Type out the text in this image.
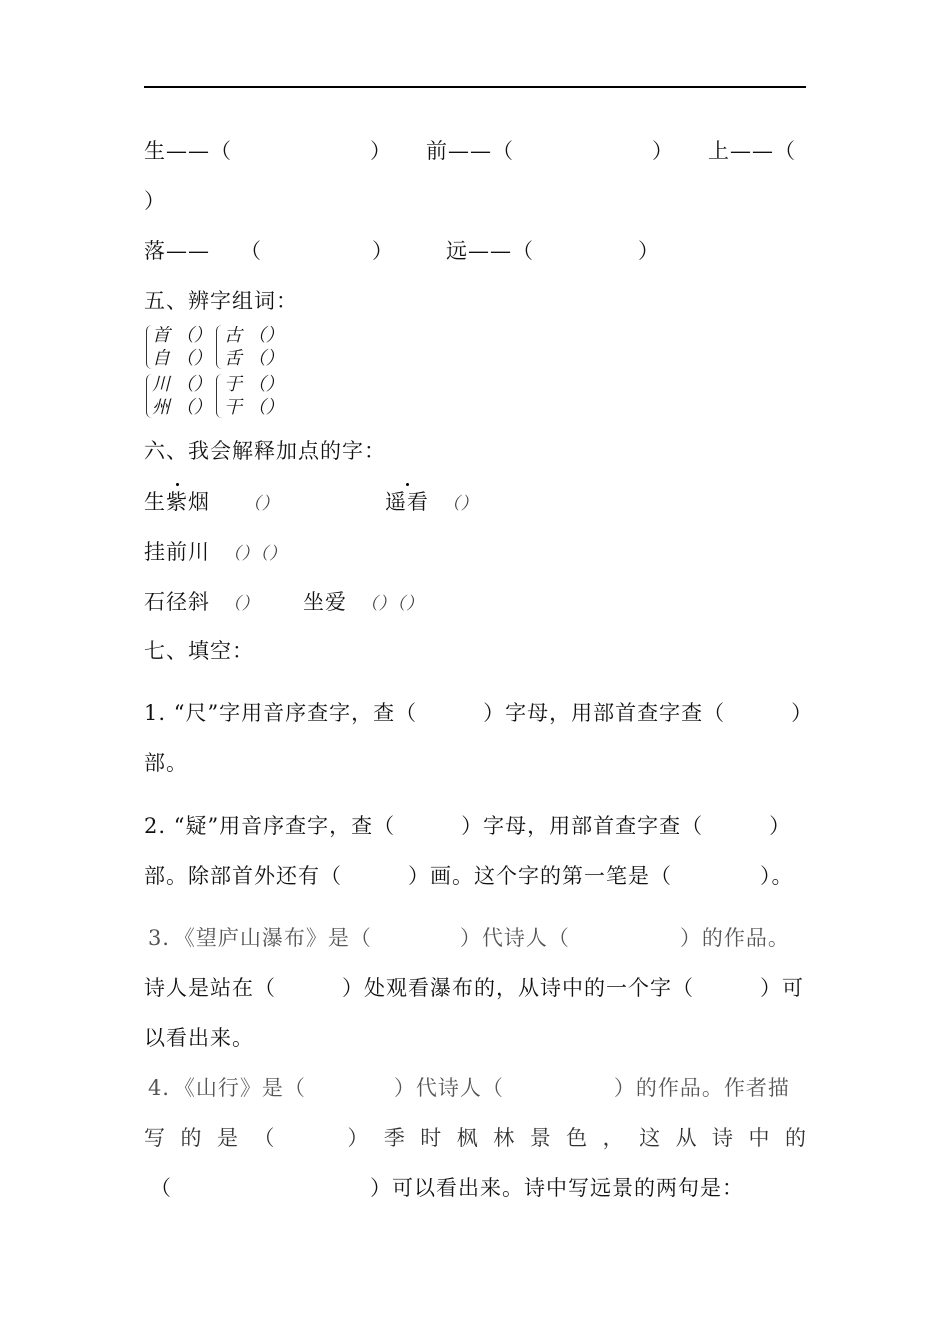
生——（	） 前——（	） 上——（
）
落—— （	） 远——（	）
五、辨字组词：
首 （）
自 （）
古 （）
舌 （）
川 （）
州 （）
于 （）
干 （）
六、我会解释加点的字：
生紫烟 （）	遥看 （）
挂前川 （）（）
石径斜 （） 坐爱 （）（）
七、填空：
1. “尺”字用音序查字，查（　　　）字母，用部首查字查（　　　）
部。
2. “疑”用音序查字，查（　　　）字母，用部首查字查（　　　）
部。除部首外还有（　　　）画。这个字的第一笔是（　　　　）。
3．《望庐山瀑布》是（　　　　）代诗人（　　　　　）的作品。
诗人是站在（　　　）处观看瀑布的，从诗中的一个字（　　　）可
以看出来。
4．《山行》是（　　　　）代诗人（　　　　　）的作品。作者描
写 的 是 （
　　	） 季 时 枫 林 景 色 ， 这 从 诗 中 的
（　　　　　　　　　）可以看出来。诗中写远景的两句是：
